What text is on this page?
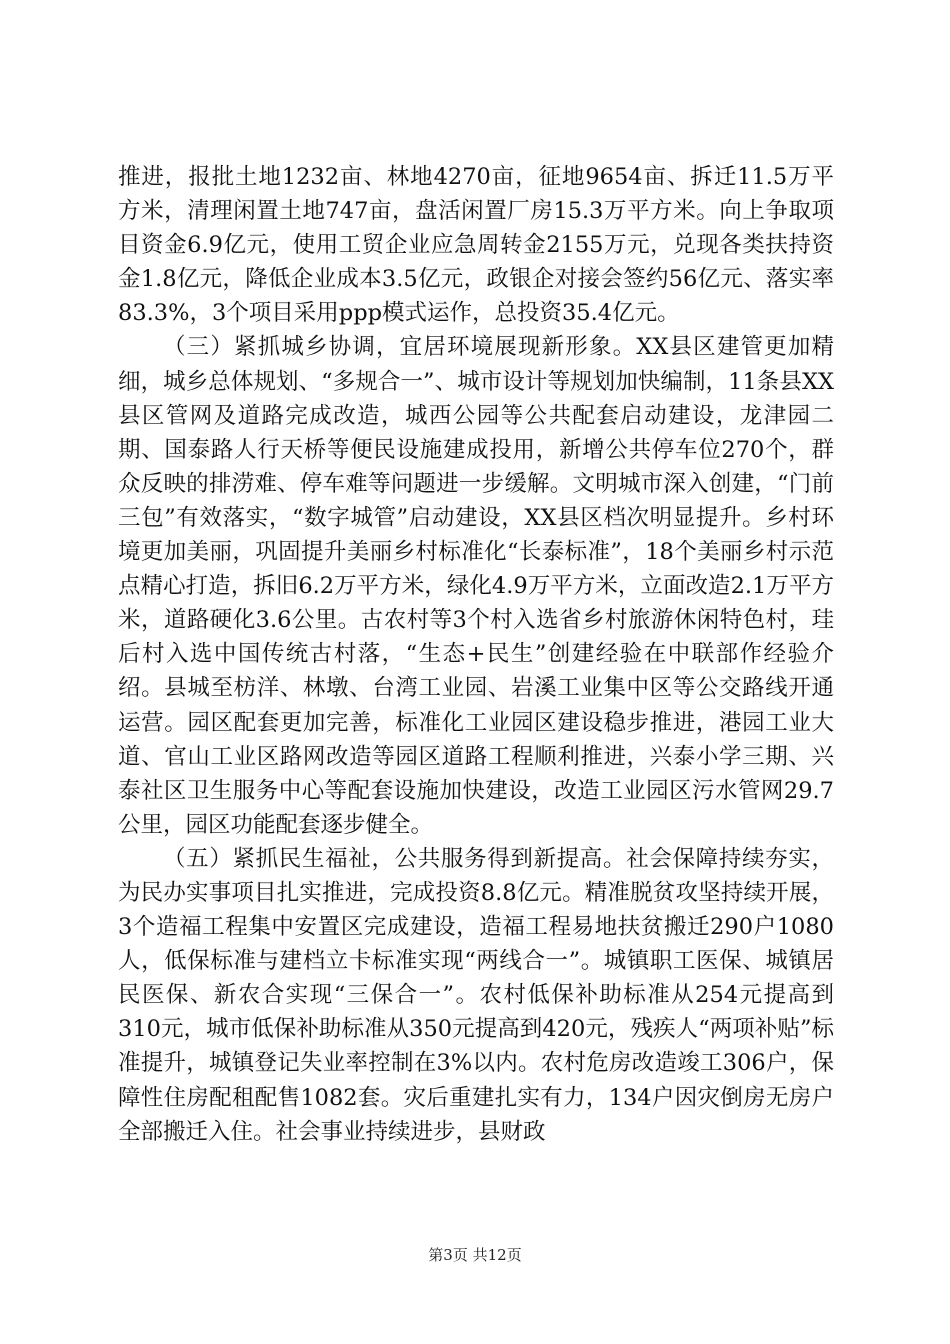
推进，报批土地1232亩、林地4270亩，征地9654亩、拆迁11.5万平方米，清理闲置土地747亩，盘活闲置厂房15.3万平方米。向上争取项目资金6.9亿元，使用工贸企业应急周转金2155万元，兑现各类扶持资金1.8亿元，降低企业成本3.5亿元，政银企对接会签约56亿元、落实率83.3%，3个项目采用ppp模式运作，总投资35.4亿元。

（三）紧抓城乡协调，宜居环境展现新形象。XX县区建管更加精细，城乡总体规划、“多规合一”、城市设计等规划加快编制，11条县XX县区管网及道路完成改造，城西公园等公共配套启动建设，龙津园二期、国泰路人行天桥等便民设施建成投用，新增公共停车位270个，群众反映的排涝难、停车难等问题进一步缓解。文明城市深入创建，“门前三包”有效落实，“数字城管”启动建设，XX县区档次明显提升。乡村环境更加美丽，巩固提升美丽乡村标准化“长泰标准”，18个美丽乡村示范点精心打造，拆旧6.2万平方米，绿化4.9万平方米，立面改造2.1万平方米，道路硬化3.6公里。古农村等3个村入选省乡村旅游休闲特色村，珪后村入选中国传统古村落，“生态+民生”创建经验在中联部作经验介绍。县城至枋洋、林墩、台湾工业园、岩溪工业集中区等公交路线开通运营。园区配套更加完善，标准化工业园区建设稳步推进，港园工业大道、官山工业区路网改造等园区道路工程顺利推进，兴泰小学三期、兴泰社区卫生服务中心等配套设施加快建设，改造工业园区污水管网29.7公里，园区功能配套逐步健全。

（五）紧抓民生福祉，公共服务得到新提高。社会保障持续夯实，为民办实事项目扎实推进，完成投资8.8亿元。精准脱贫攻坚持续开展，3个造福工程集中安置区完成建设，造福工程易地扶贫搬迁290户1080人，低保标准与建档立卡标准实现“两线合一”。城镇职工医保、城镇居民医保、新农合实现“三保合一”。农村低保补助标准从254元提高到310元，城市低保补助标准从350元提高到420元，残疾人“两项补贴”标准提升，城镇登记失业率控制在3%以内。农村危房改造竣工306户，保障性住房配租配售1082套。灾后重建扎实有力，134户因灾倒房无房户全部搬迁入住。社会事业持续进步，县财政

第3页 共12页
